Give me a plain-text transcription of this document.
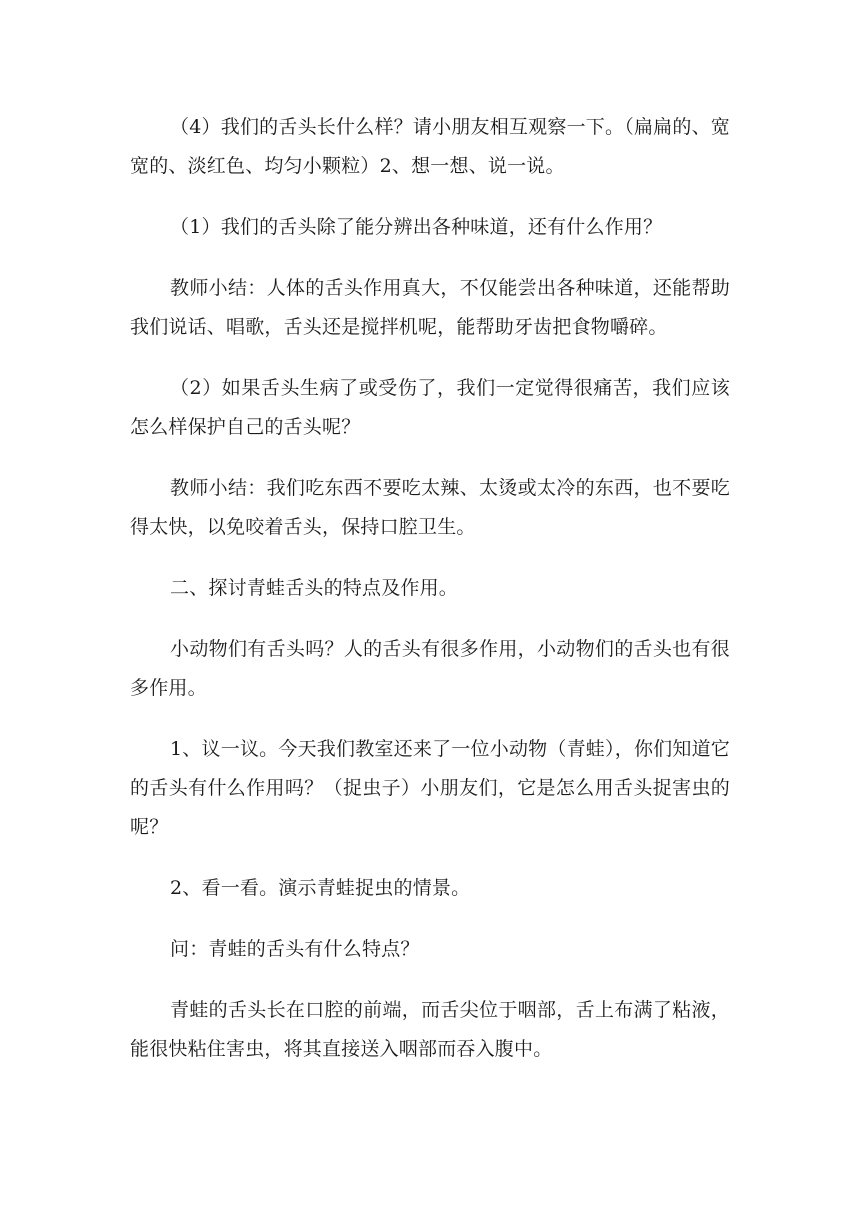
（4）我们的舌头长什么样？请小朋友相互观察一下。（扁扁的、宽宽的、淡红色、均匀小颗粒）2、想一想、说一说。

（1）我们的舌头除了能分辨出各种味道，还有什么作用？

教师小结：人体的舌头作用真大，不仅能尝出各种味道，还能帮助我们说话、唱歌，舌头还是搅拌机呢，能帮助牙齿把食物嚼碎。

（2）如果舌头生病了或受伤了，我们一定觉得很痛苦，我们应该怎么样保护自己的舌头呢？

教师小结：我们吃东西不要吃太辣、太烫或太冷的东西，也不要吃得太快，以免咬着舌头，保持口腔卫生。

二、探讨青蛙舌头的特点及作用。

小动物们有舌头吗？人的舌头有很多作用，小动物们的舌头也有很多作用。

1、议一议。今天我们教室还来了一位小动物（青蛙），你们知道它的舌头有什么作用吗？（捉虫子）小朋友们，它是怎么用舌头捉害虫的呢？

2、看一看。演示青蛙捉虫的情景。

问：青蛙的舌头有什么特点？

青蛙的舌头长在口腔的前端，而舌尖位于咽部，舌上布满了粘液，能很快粘住害虫，将其直接送入咽部而吞入腹中。
